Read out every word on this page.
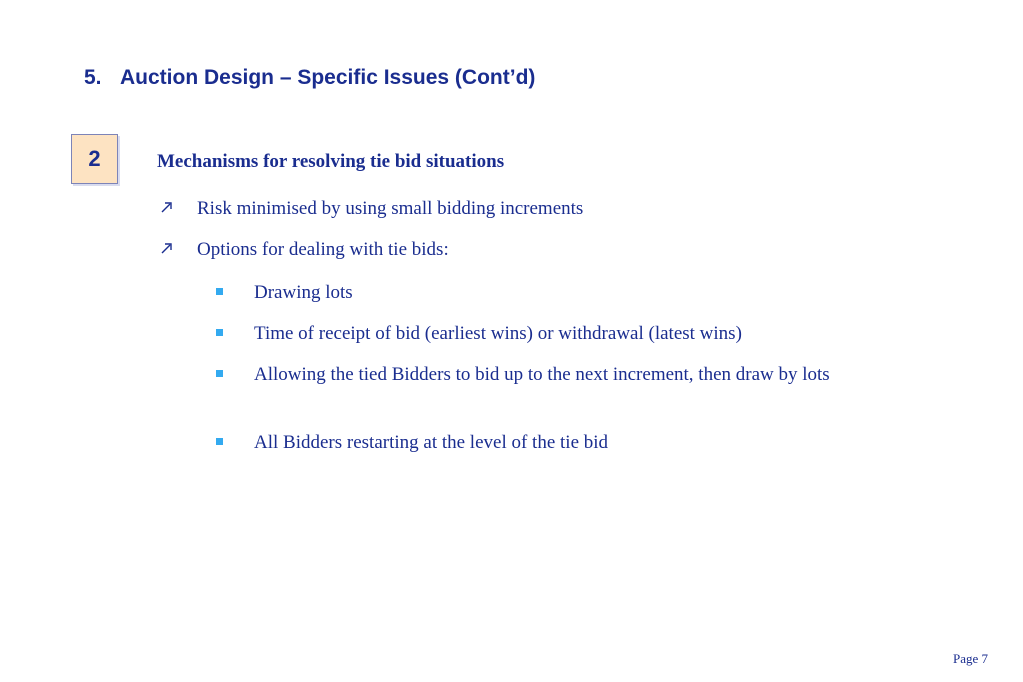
5. Auction Design – Specific Issues (Cont’d)
2	Mechanisms for resolving tie bid situations
Risk minimised by using small bidding increments
Options for dealing with tie bids:
Drawing lots
Time of receipt of bid (earliest wins) or withdrawal (latest wins)
Allowing the tied Bidders to bid up to the next increment, then draw by lots
All Bidders restarting at the level of the tie bid
Page 7
